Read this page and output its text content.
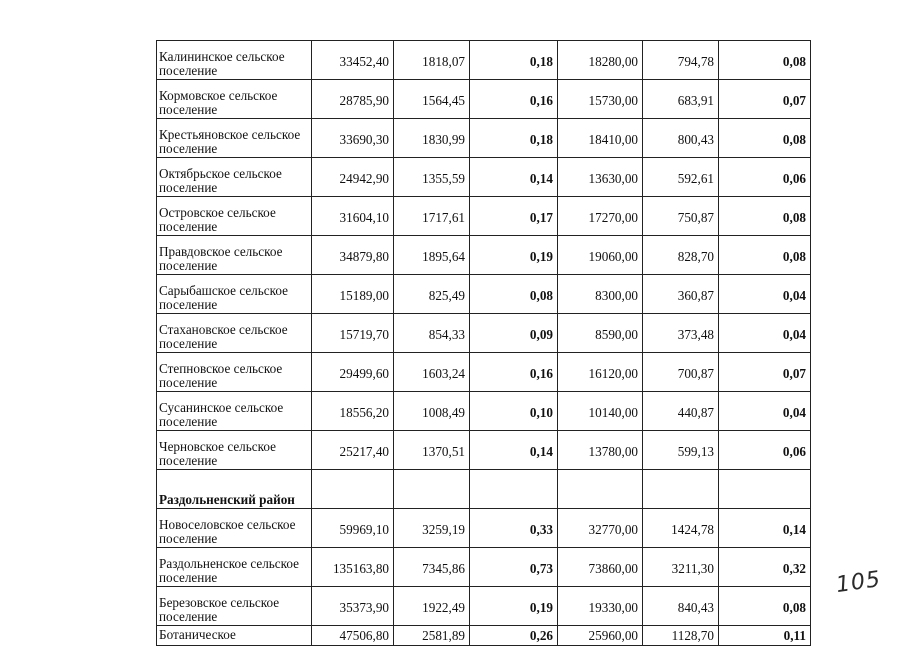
Калининское сельское поселение	33452,40	1818,07	0,18	18280,00	794,78	0,08
Кормовское сельское поселение	28785,90	1564,45	0,16	15730,00	683,91	0,07
Крестьяновское сельское поселение	33690,30	1830,99	0,18	18410,00	800,43	0,08
Октябрьское сельское поселение	24942,90	1355,59	0,14	13630,00	592,61	0,06
Островское сельское поселение	31604,10	1717,61	0,17	17270,00	750,87	0,08
Правдовское сельское поселение	34879,80	1895,64	0,19	19060,00	828,70	0,08
Сарыбашское сельское поселение	15189,00	825,49	0,08	8300,00	360,87	0,04
Стахановское сельское поселение	15719,70	854,33	0,09	8590,00	373,48	0,04
Степновское сельское поселение	29499,60	1603,24	0,16	16120,00	700,87	0,07
Сусанинское сельское поселение	18556,20	1008,49	0,10	10140,00	440,87	0,04
Черновское сельское поселение	25217,40	1370,51	0,14	13780,00	599,13	0,06
Раздольненский район						
Новоселовское сельское поселение	59969,10	3259,19	0,33	32770,00	1424,78	0,14
Раздольненское сельское поселение	135163,80	7345,86	0,73	73860,00	3211,30	0,32
Березовское сельское поселение	35373,90	1922,49	0,19	19330,00	840,43	0,08
Ботаническое	47506,80	2581,89	0,26	25960,00	1128,70	0,11
105
